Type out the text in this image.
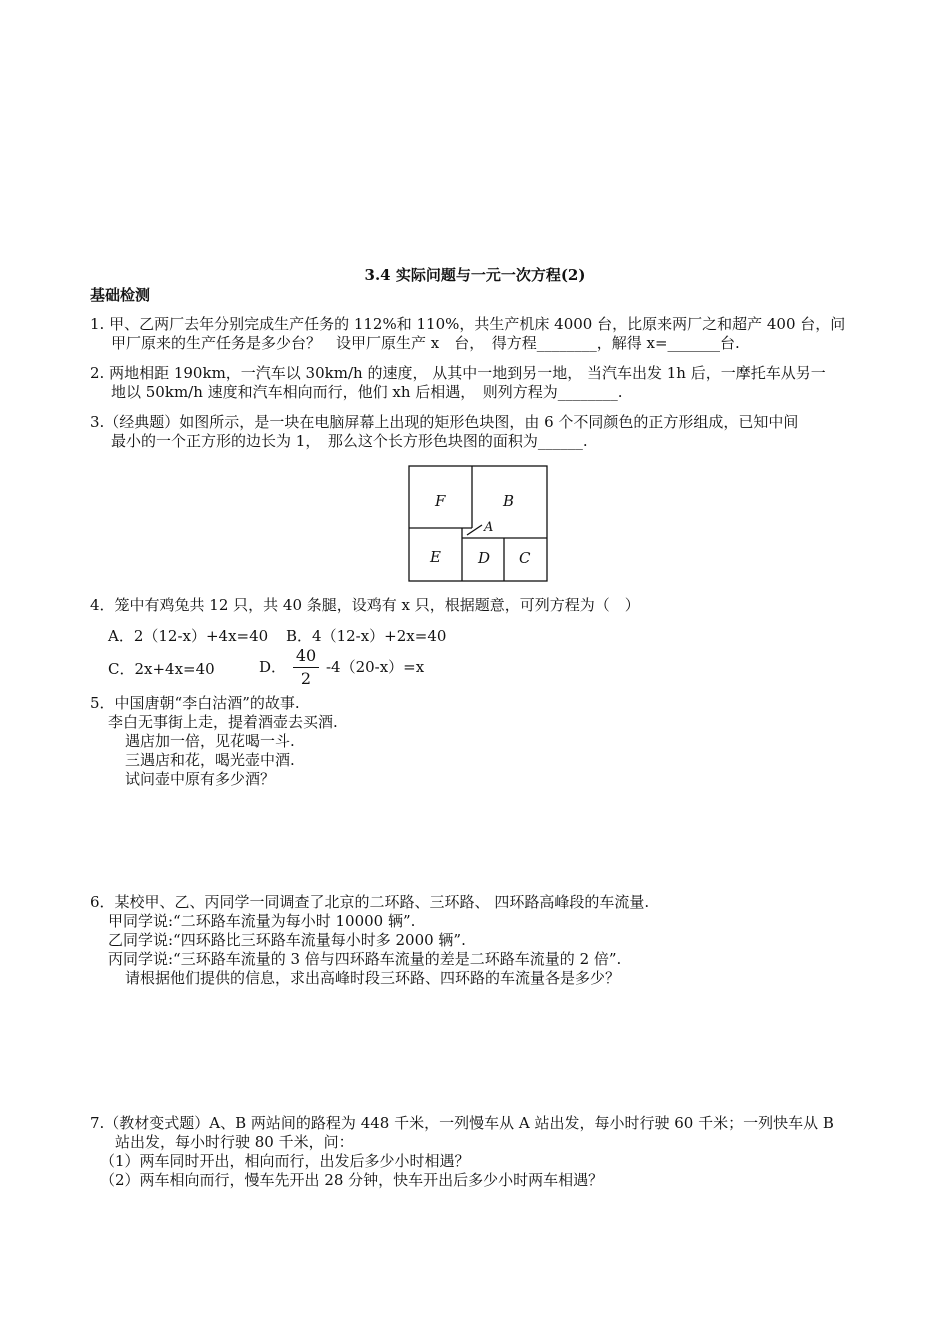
3.4 实际问题与一元一次方程(2)
基础检测
1. 甲、乙两厂去年分别完成生产任务的 112%和 110%，共生产机床 4000 台，比原来两厂之和超产 400 台，问
甲厂原来的生产任务是多少台？　设甲厂原生产 x　台，　得方程________，解得 x=_______台.
2. 两地相距 190km，一汽车以 30km/h 的速度， 从其中一地到另一地， 当汽车出发 1h 后，一摩托车从另一
地以 50km/h 速度和汽车相向而行，他们 xh 后相遇，　则列方程为________.
3.（经典题）如图所示，是一块在电脑屏幕上出现的矩形色块图，由 6 个不同颜色的正方形组成，已知中间
最小的一个正方形的边长为 1，　那么这个长方形色块图的面积为______.
F	B
A
E D C
4．笼中有鸡兔共 12 只，共 40 条腿，设鸡有 x 只，根据题意，可列方程为（　）
A．2（12-x）+4x=40 B．4（12-x）+2x=40
C．2x+4x=40	D． $\frac{40}{2} -4(20-x)=x$
5．中国唐朝“李白沽酒”的故事.
李白无事街上走，提着酒壶去买酒.
遇店加一倍，见花喝一斗.
三遇店和花，喝光壶中酒.
试问壶中原有多少酒？
6．某校甲、乙、丙同学一同调查了北京的二环路、三环路、 四环路高峰段的车流量.
甲同学说:“二环路车流量为每小时 10000 辆”.
乙同学说:“四环路比三环路车流量每小时多 2000 辆”.
丙同学说:“三环路车流量的 3 倍与四环路车流量的差是二环路车流量的 2 倍”.
请根据他们提供的信息，求出高峰时段三环路、四环路的车流量各是多少？
7.（教材变式题）A、B 两站间的路程为 448 千米，一列慢车从 A 站出发，每小时行驶 60 千米；一列快车从 B
站出发，每小时行驶 80 千米，问：
（1）两车同时开出，相向而行，出发后多少小时相遇？
（2）两车相向而行，慢车先开出 28 分钟，快车开出后多少小时两车相遇？
